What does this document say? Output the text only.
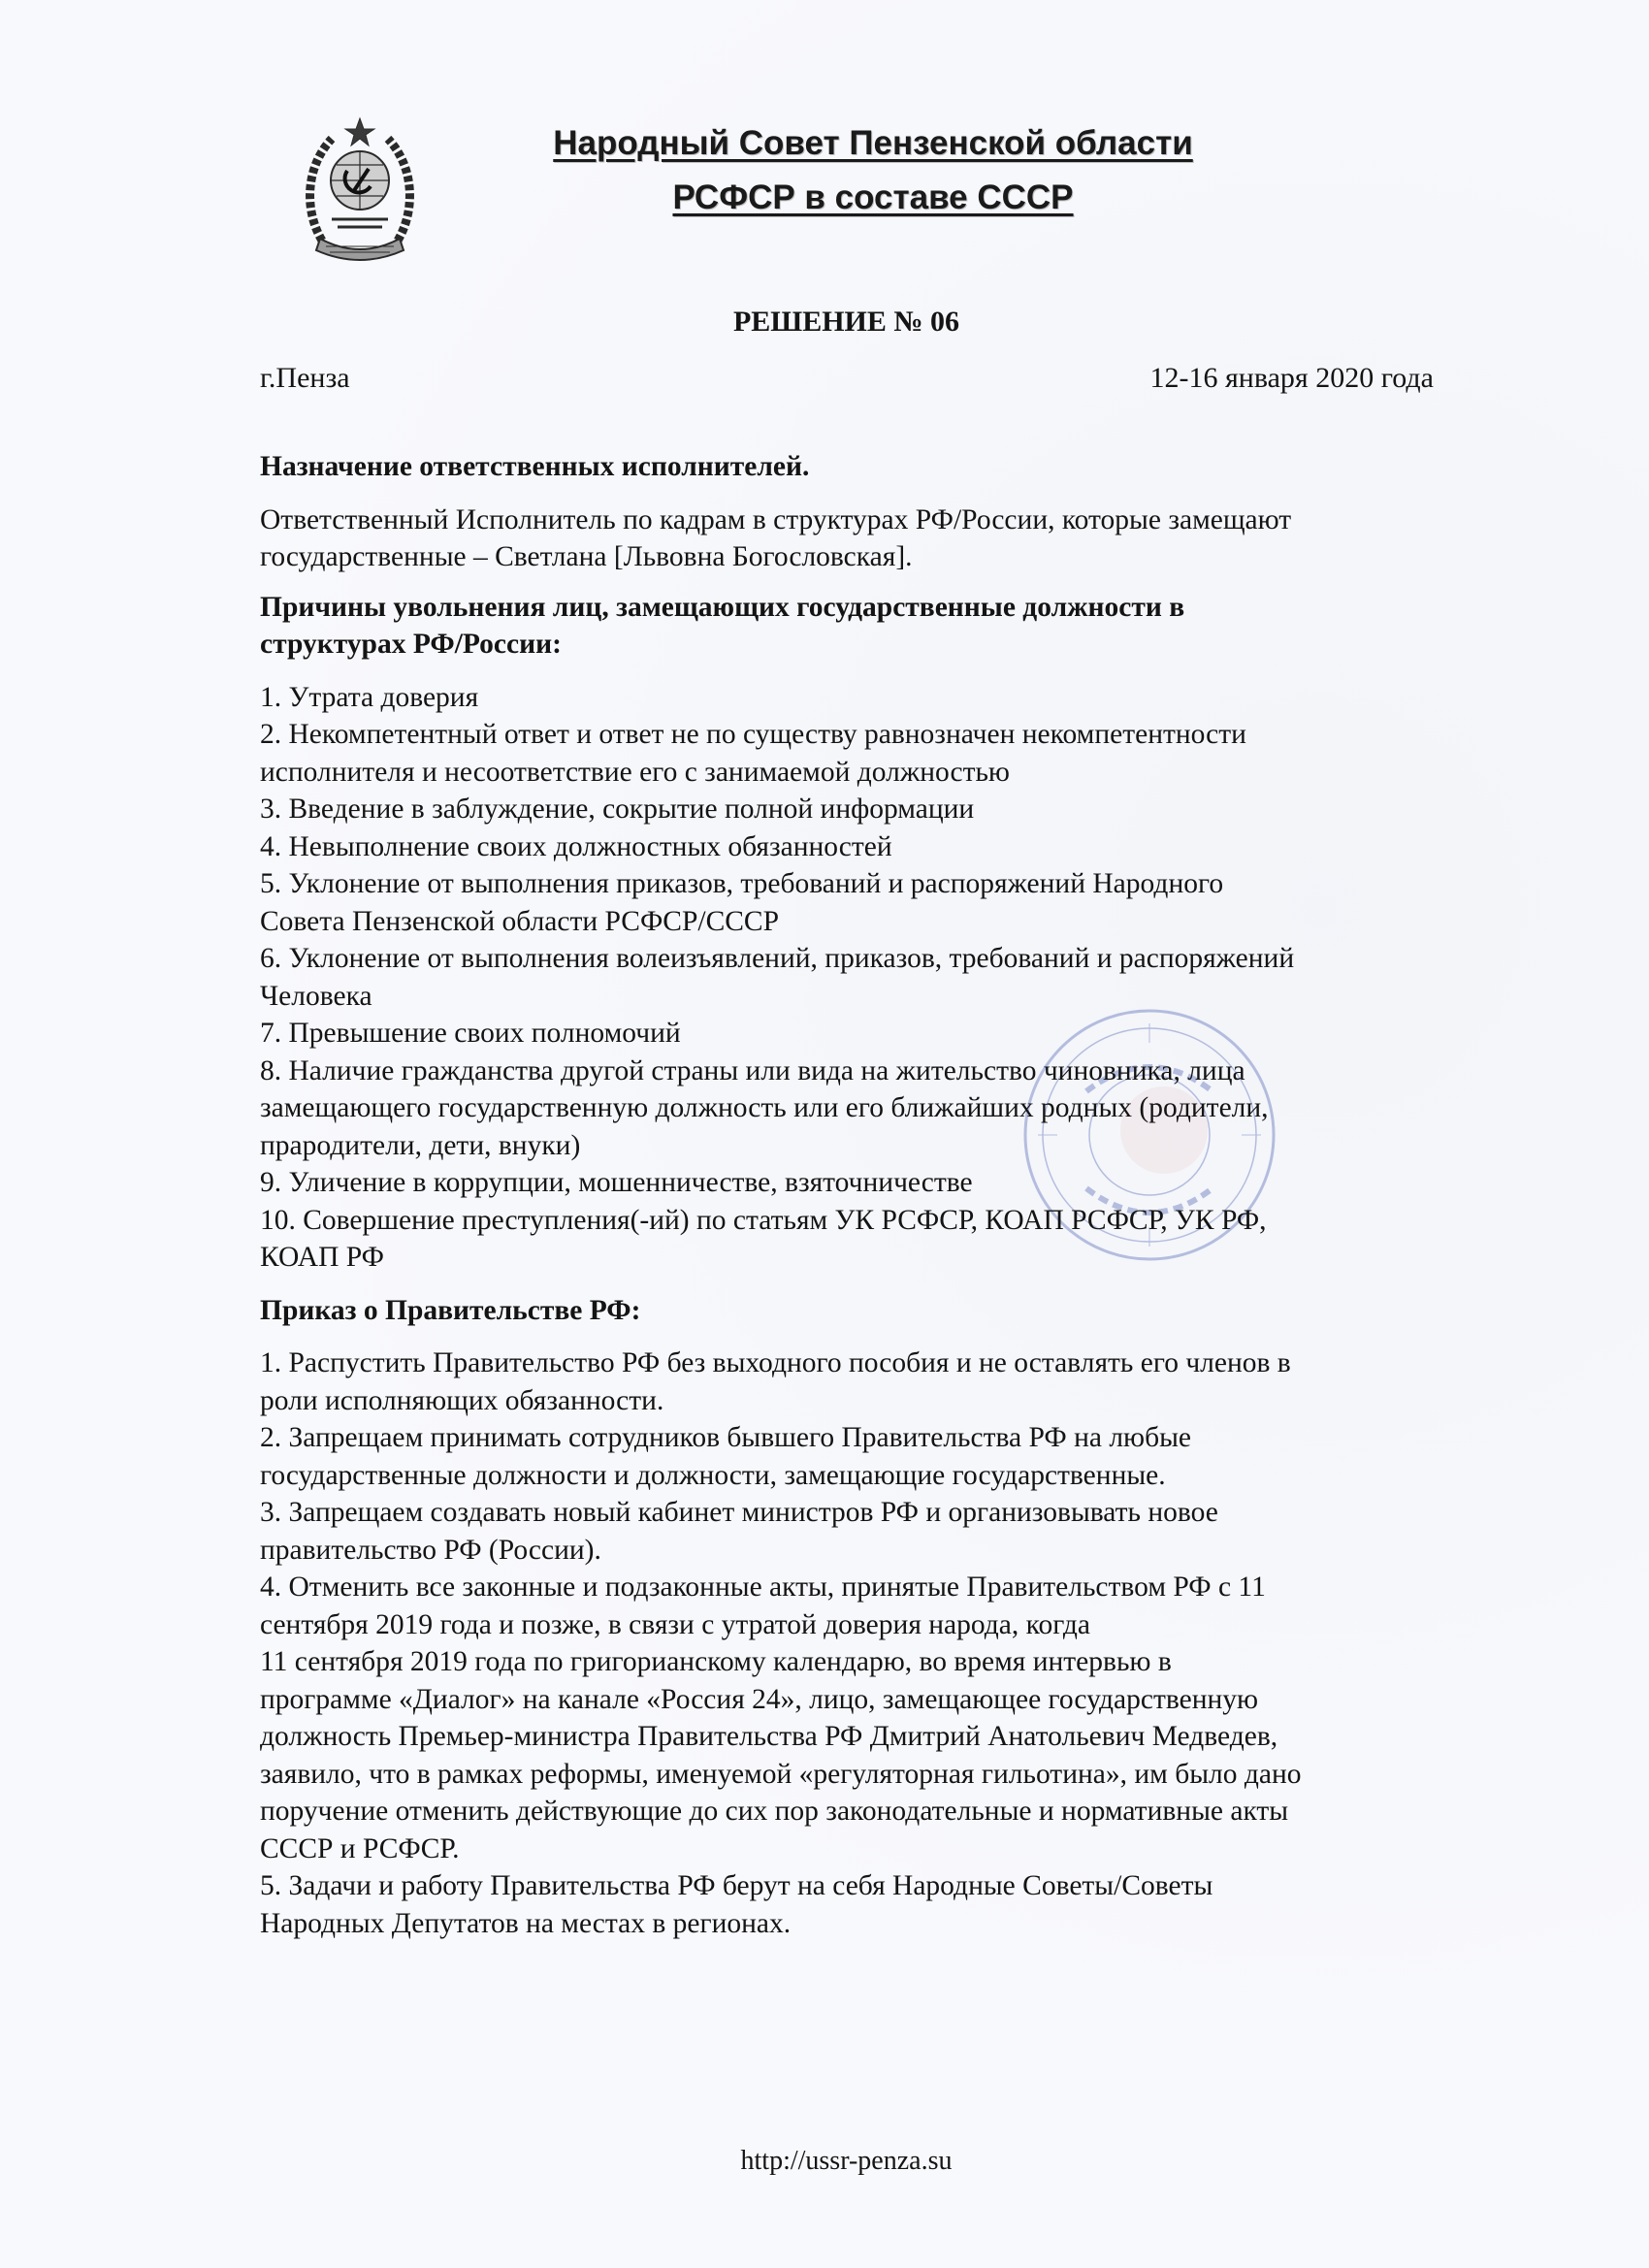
Народный Совет Пензенской области
РСФСР в составе СССР
РЕШЕНИЕ № 06
г.Пенза	12-16 января 2020 года

Назначение ответственных исполнителей.

Ответственный Исполнитель по кадрам в структурах РФ/России, которые замещают

государственные – Светлана [Львовна Богословская].

Причины увольнения лиц, замещающих государственные должности в

структурах РФ/России:

1. Утрата доверия

2. Некомпетентный ответ и ответ не по существу равнозначен некомпетентности

исполнителя и несоответствие его с занимаемой должностью

3. Введение в заблуждение, сокрытие полной информации

4. Невыполнение своих должностных обязанностей

5. Уклонение от выполнения приказов, требований и распоряжений Народного

Совета Пензенской области РСФСР/СССР

6. Уклонение от выполнения волеизъявлений, приказов, требований и распоряжений

Человека

7. Превышение своих полномочий

8. Наличие гражданства другой страны или вида на жительство чиновника, лица

замещающего государственную должность или его ближайших родных (родители,

прародители, дети, внуки)

9. Уличение в коррупции, мошенничестве, взяточничестве

10. Совершение преступления(-ий) по статьям УК РСФСР, КОАП РСФСР, УК РФ,

КОАП РФ

Приказ о Правительстве РФ:

1. Распустить Правительство РФ без выходного пособия и не оставлять его членов в

роли исполняющих обязанности.

2. Запрещаем принимать сотрудников бывшего Правительства РФ на любые

государственные должности и должности, замещающие государственные.

3. Запрещаем создавать новый кабинет министров РФ и организовывать новое

правительство РФ (России).

4. Отменить все законные и подзаконные акты, принятые Правительством РФ с 11

сентября 2019 года и позже, в связи с утратой доверия народа, когда

11 сентября 2019 года по григорианскому календарю, во время интервью в

программе «Диалог» на канале «Россия 24», лицо, замещающее государственную

должность Премьер-министра Правительства РФ Дмитрий Анатольевич Медведев,

заявило, что в рамках реформы, именуемой «регуляторная гильотина», им было дано

поручение отменить действующие до сих пор законодательные и нормативные акты

СССР и РСФСР.

5. Задачи и работу Правительства РФ берут на себя Народные Советы/Советы

Народных Депутатов на местах в регионах.

http://ussr-penza.su
